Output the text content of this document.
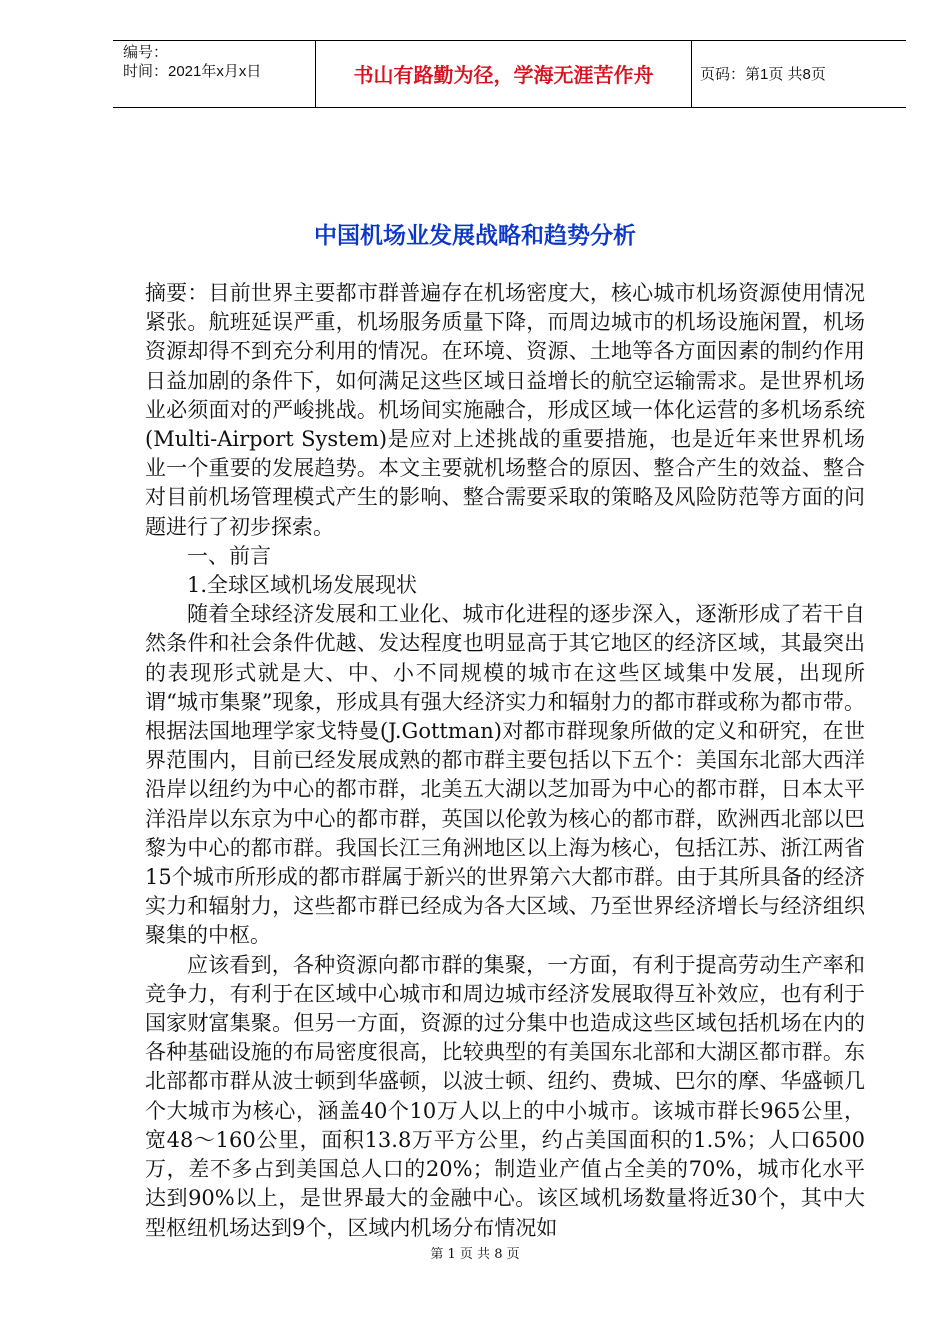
编号：
时间：2021年x月x日	书山有路勤为径，学海无涯苦作舟	页码：第1页 共8页
中国机场业发展战略和趋势分析

摘要：目前世界主要都市群普遍存在机场密度大，核心城市机场资源使用情况紧张。航班延误严重，机场服务质量下降，而周边城市的机场设施闲置，机场资源却得不到充分利用的情况。在环境、资源、土地等各方面因素的制约作用日益加剧的条件下，如何满足这些区域日益增长的航空运输需求。是世界机场业必须面对的严峻挑战。机场间实施融合，形成区域一体化运营的多机场系统(Multi-Airport System)是应对上述挑战的重要措施，也是近年来世界机场业一个重要的发展趋势。本文主要就机场整合的原因、整合产生的效益、整合对目前机场管理模式产生的影响、整合需要采取的策略及风险防范等方面的问题进行了初步探索。

一、前言

1.全球区域机场发展现状

随着全球经济发展和工业化、城市化进程的逐步深入，逐渐形成了若干自然条件和社会条件优越、发达程度也明显高于其它地区的经济区域，其最突出的表现形式就是大、中、小不同规模的城市在这些区域集中发展，出现所谓“城市集聚”现象，形成具有强大经济实力和辐射力的都市群或称为都市带。根据法国地理学家戈特曼(J.Gottman)对都市群现象所做的定义和研究，在世界范围内，目前已经发展成熟的都市群主要包括以下五个：美国东北部大西洋沿岸以纽约为中心的都市群，北美五大湖以芝加哥为中心的都市群，日本太平洋沿岸以东京为中心的都市群，英国以伦敦为核心的都市群，欧洲西北部以巴黎为中心的都市群。我国长江三角洲地区以上海为核心，包括江苏、浙江两省15个城市所形成的都市群属于新兴的世界第六大都市群。由于其所具备的经济实力和辐射力，这些都市群已经成为各大区域、乃至世界经济增长与经济组织聚集的中枢。

应该看到，各种资源向都市群的集聚，一方面，有利于提高劳动生产率和竞争力，有利于在区域中心城市和周边城市经济发展取得互补效应，也有利于国家财富集聚。但另一方面，资源的过分集中也造成这些区域包括机场在内的各种基础设施的布局密度很高，比较典型的有美国东北部和大湖区都市群。东北部都市群从波士顿到华盛顿，以波士顿、纽约、费城、巴尔的摩、华盛顿几个大城市为核心，涵盖40个10万人以上的中小城市。该城市群长965公里，宽48～160公里，面积13.8万平方公里，约占美国面积的1.5%；人口6500万，差不多占到美国总人口的20%；制造业产值占全美的70%，城市化水平达到90%以上，是世界最大的金融中心。该区域机场数量将近30个，其中大型枢纽机场达到9个，区域内机场分布情况如

第 1 页 共 8 页
